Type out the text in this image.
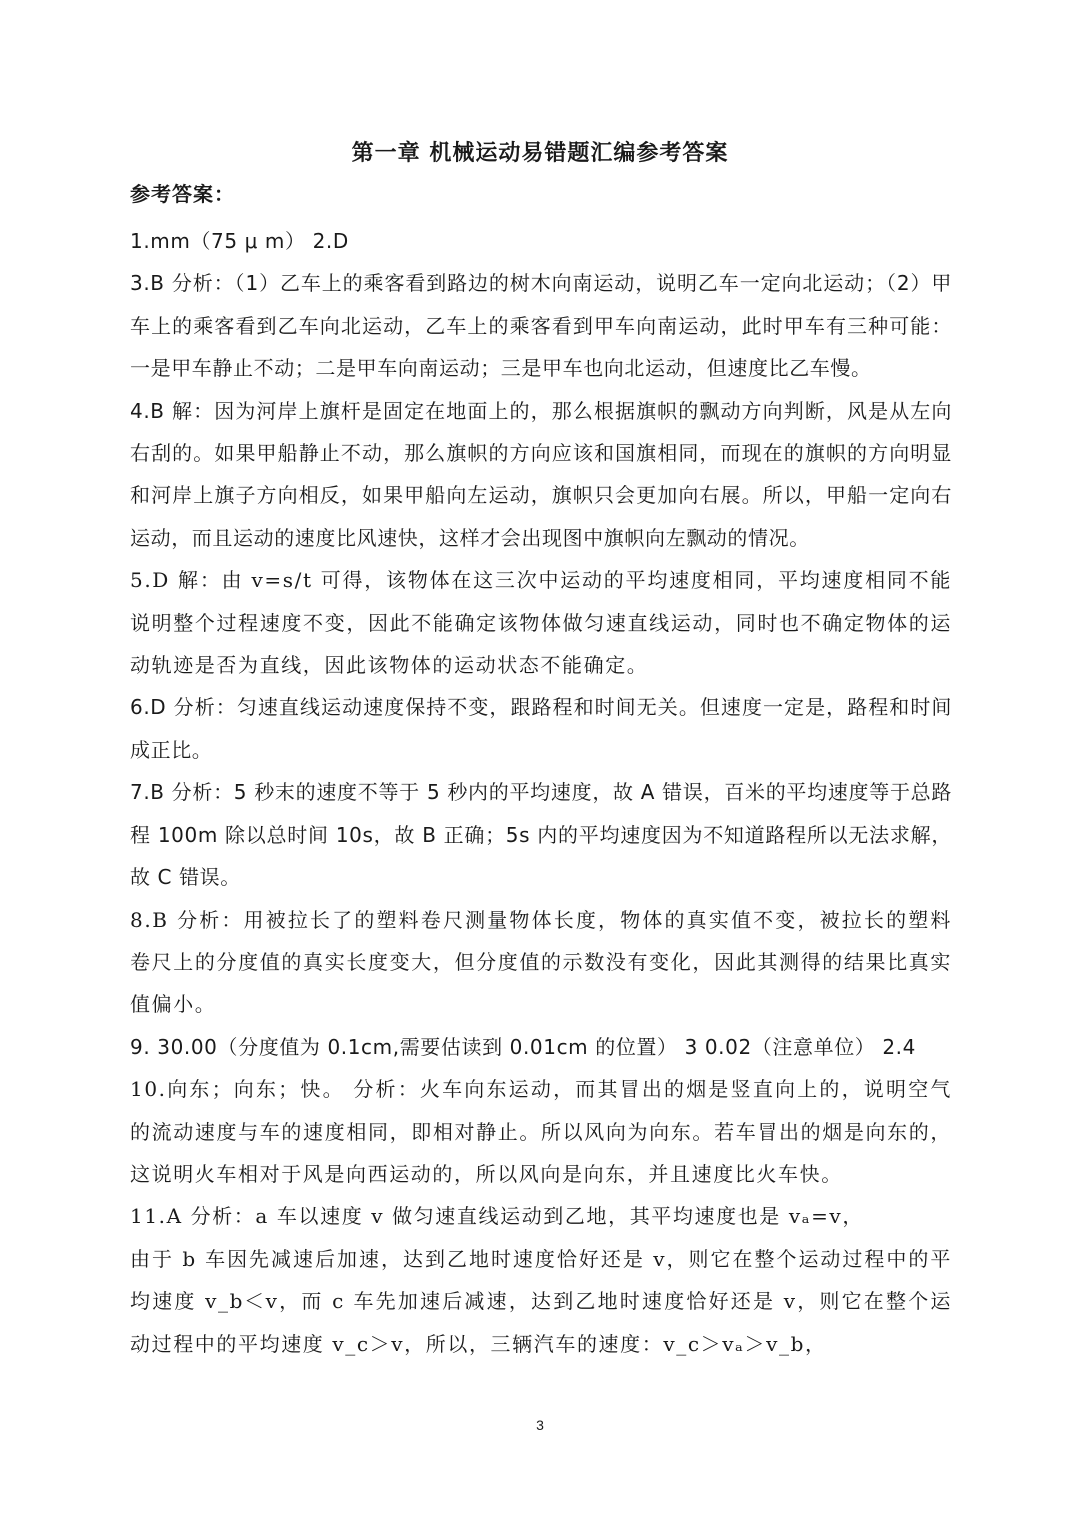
第一章 机械运动易错题汇编参考答案
参考答案：

1.mm（75 μ m） 2.D

3.B 分析：（1）乙车上的乘客看到路边的树木向南运动，说明乙车一定向北运动；（2）甲车上的乘客看到乙车向北运动，乙车上的乘客看到甲车向南运动，此时甲车有三种可能：一是甲车静止不动；二是甲车向南运动；三是甲车也向北运动，但速度比乙车慢。

4.B 解：因为河岸上旗杆是固定在地面上的，那么根据旗帜的飘动方向判断，风是从左向右刮的。如果甲船静止不动，那么旗帜的方向应该和国旗相同，而现在的旗帜的方向明显和河岸上旗子方向相反，如果甲船向左运动，旗帜只会更加向右展。所以，甲船一定向右运动，而且运动的速度比风速快，这样才会出现图中旗帜向左飘动的情况。

5.D 解：由 v=s/t 可得，该物体在这三次中运动的平均速度相同，平均速度相同不能说明整个过程速度不变，因此不能确定该物体做匀速直线运动，同时也不确定物体的运动轨迹是否为直线，因此该物体的运动状态不能确定。

6.D 分析：匀速直线运动速度保持不变，跟路程和时间无关。但速度一定是，路程和时间成正比。

7.B 分析：5 秒末的速度不等于 5 秒内的平均速度，故 A 错误，百米的平均速度等于总路程 100m 除以总时间 10s，故 B 正确；5s 内的平均速度因为不知道路程所以无法求解，故 C 错误。

8.B 分析：用被拉长了的塑料卷尺测量物体长度，物体的真实值不变，被拉长的塑料卷尺上的分度值的真实长度变大，但分度值的示数没有变化，因此其测得的结果比真实值偏小。

9. 30.00（分度值为 0.1cm,需要估读到 0.01cm 的位置） 3 0.02（注意单位） 2.4

10.向东；向东；快。 分析：火车向东运动，而其冒出的烟是竖直向上的，说明空气的流动速度与车的速度相同，即相对静止。所以风向为向东。若车冒出的烟是向东的，这说明火车相对于风是向西运动的，所以风向是向东，并且速度比火车快。

11.A 分析：a 车以速度 v 做匀速直线运动到乙地，其平均速度也是 vₐ=v，

由于 b 车因先减速后加速，达到乙地时速度恰好还是 v，则它在整个运动过程中的平均速度 v_b＜v，而 c 车先加速后减速，达到乙地时速度恰好还是 v，则它在整个运动过程中的平均速度 v_c＞v，所以，三辆汽车的速度：v_c＞vₐ＞v_b，

3
